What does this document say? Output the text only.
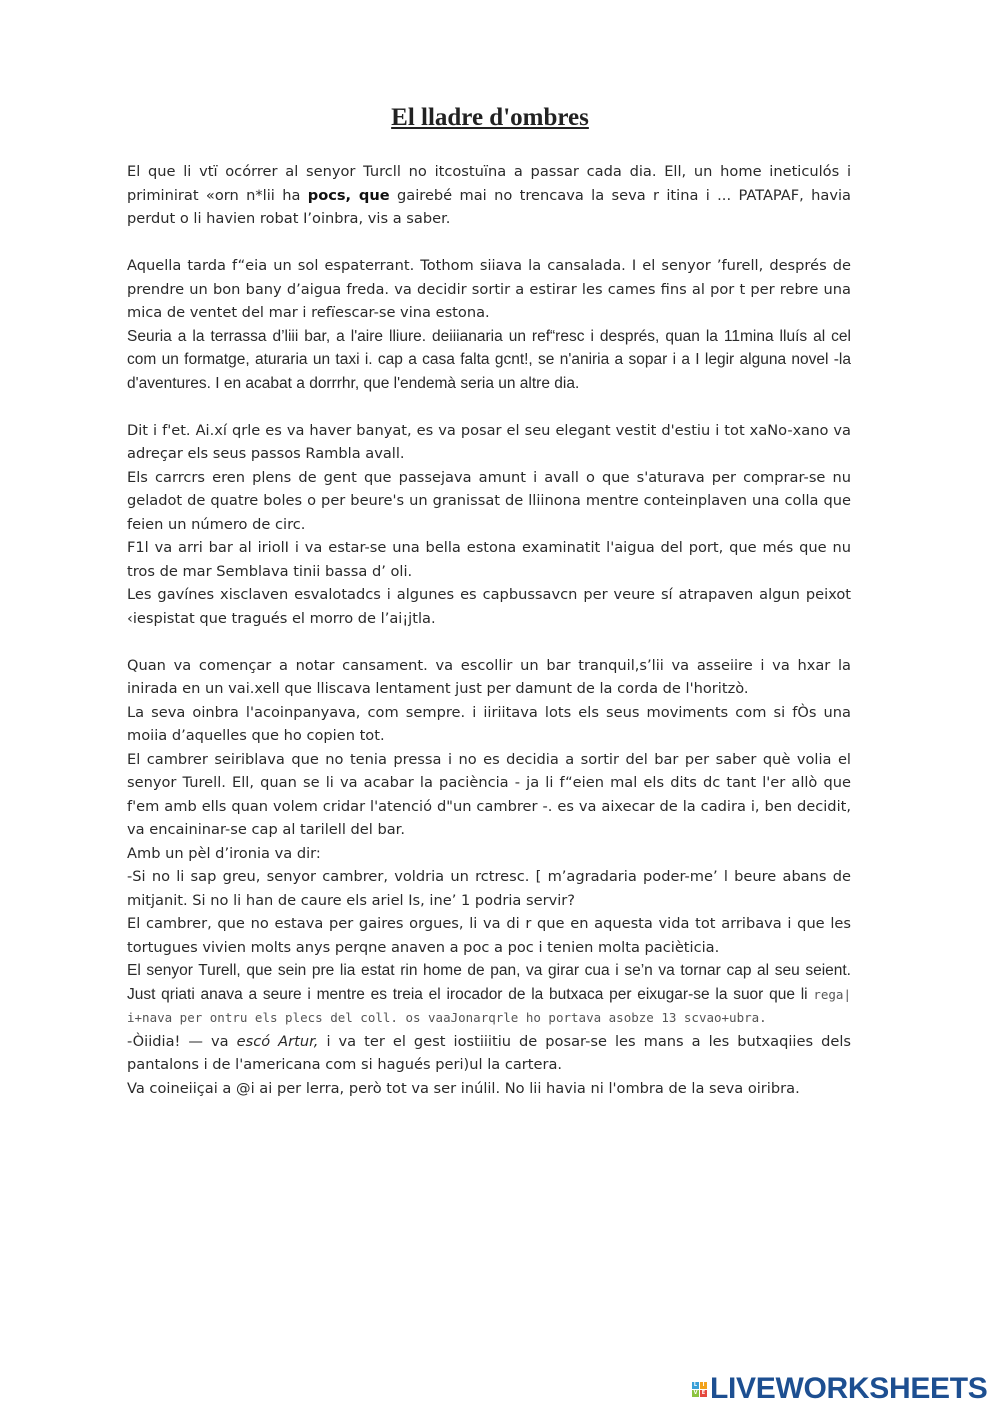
El lladre d'ombres

El que li vtï ocórrer al senyor Turcll no itcostuïna a passar cada dia. Ell, un home ineticulós i priminirat «orn n*lii ha pocs, que gairebé mai no trencava la seva r itina i ... PATAPAF, havia perdut o li havien robat I’oinbra, vis a saber.

Aquella tarda f“eia un sol espaterrant. Tothom siiava la cansalada. I el senyor ’furell, després de prendre un bon bany d’aigua freda. va decidir sortir a estirar les cames fins al por t per rebre una mica de ventet del mar i refïescar-se vina estona.

Seuria a la terrassa d’liii bar, a l'aire lliure. deiiianaria un ref“resc i després, quan la 11mina lluís al cel com un formatge, aturaria un taxi i. cap a casa falta gcnt!, se n'aniria a sopar i a I legir alguna novel -la d'aventures. I en acabat a dorrrhr, que l'endemà seria un altre dia.

Dit i f'et. Ai.xí qrle es va haver banyat, es va posar el seu elegant vestit d'estiu i tot xaNo-xano va adreçar els seus passos Rambla avall.

Els carrcrs eren plens de gent que passejava amunt i avall o que s'aturava per comprar-se nu geladot de quatre boles o per beure's un granissat de lliinona mentre conteinplaven una colla que feien un número de circ.

F1l va arri bar al iriolI i va estar-se una bella estona examinatit l'aigua del port, que més que nu tros de mar Semblava tinii bassa d’ oli.

Les gavínes xisclaven esvalotadcs i algunes es capbussavcn per veure sí atrapaven algun peixot ‹iespistat que tragués el morro de l’ai¡jtla.

Quan va començar a notar cansament. va escollir un bar tranquil,s’lii va asseiire i va hxar la inirada en un vai.xell que lliscava lentament just per damunt de la corda de l'horitzò.

La seva oinbra l'acoinpanyava, com sempre. i iiriitava lots els seus moviments com si fÒs una moiia d’aquelles que ho copien tot.

El cambrer seiriblava que no tenia pressa i no es decidia a sortir del bar per saber què volia el senyor Turell. Ell, quan se li va acabar la paciència - ja li f“eien mal els dits dc tant l'er allò que f'em amb ells quan volem cridar l'atenció d"un cambrer -. es va aixecar de la cadira i, ben decidit, va encaininar-se cap al tarilell del bar.

Amb un pèl d’ironia va dir:

-Si no li sap greu, senyor cambrer, voldria un rctresc. [ m’agradaria poder-me’ l beure abans de mitjanit. Si no lі han de caure els ariel Is, ine’ 1 podria servir?

El cambrer, que no estava per gaires orgues, li va di r que en aquesta vida tot arribava i que les tortugues vivien molts anys perqne anaven a poc a poc i tenien molta pacièticia.

El senyor Turell, que sein pre lia estat rin home de pan, va girar cua i se’n va tornar cap al seu seient. Just qriati anava a seure i mentre es treia el irocador de la butxaca per eixugar-se la suor que li rega| i+nava per ontru els plecs del coll. os vaaJonarqrle ho portava asobze 13 scvao+ubra.

-Òiidia! — va escó Artur, i va ter el gest iostiiitiu de posar-se les mans a les butxaqiies dels pantalons i de l'americana com si hagués peri)ul la cartera.

Va coineiiçai a @i ai per lerra, però tot va ser inúlil. No lii havia ni l'ombra de la seva oiribra.

L	I
V E LIVEWORKSHEETS
